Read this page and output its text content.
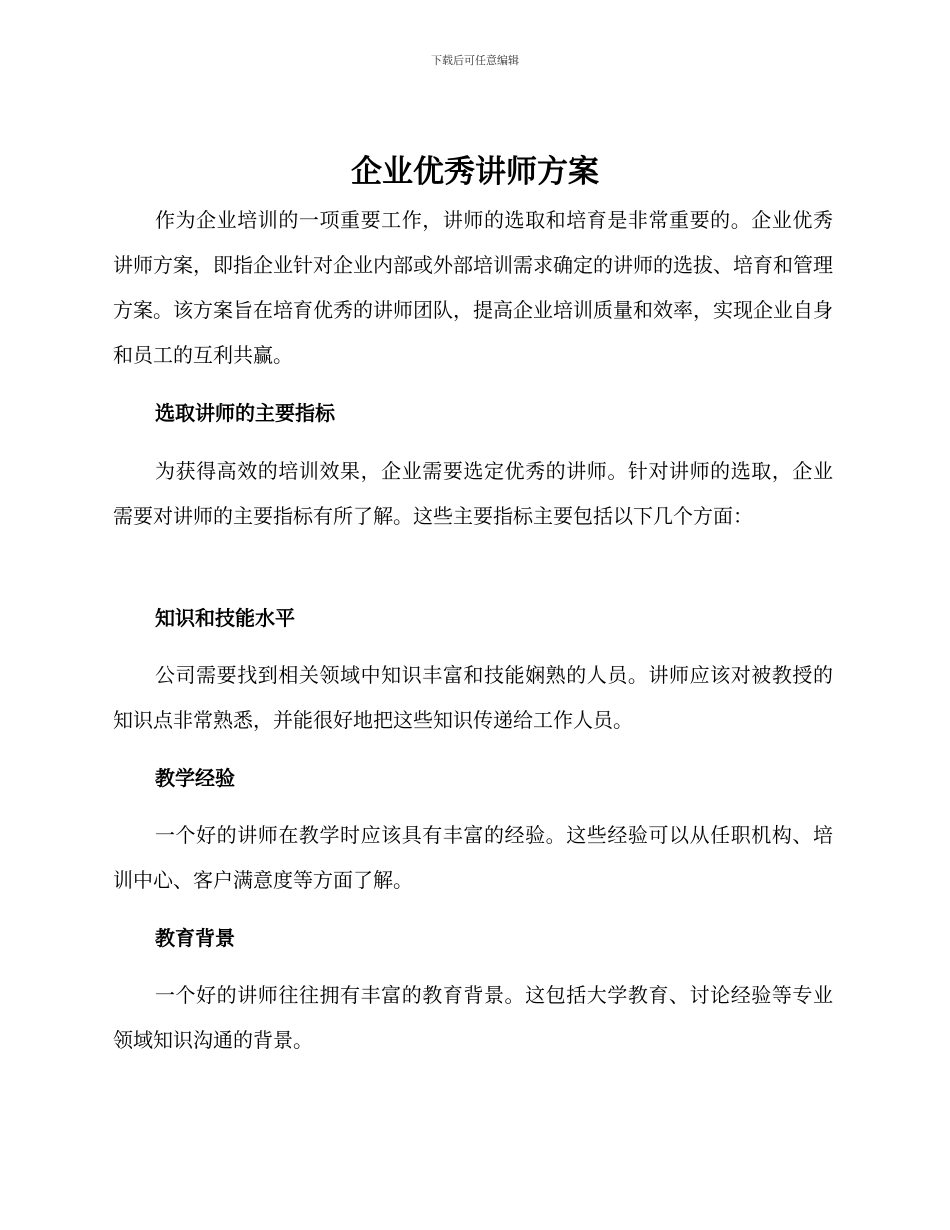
下载后可任意编辑
企业优秀讲师方案

作为企业培训的一项重要工作，讲师的选取和培育是非常重要的。企业优秀讲师方案，即指企业针对企业内部或外部培训需求确定的讲师的选拔、培育和管理方案。该方案旨在培育优秀的讲师团队，提高企业培训质量和效率，实现企业自身和员工的互利共赢。

选取讲师的主要指标

为获得高效的培训效果，企业需要选定优秀的讲师。针对讲师的选取，企业需要对讲师的主要指标有所了解。这些主要指标主要包括以下几个方面：

知识和技能水平

公司需要找到相关领域中知识丰富和技能娴熟的人员。讲师应该对被教授的知识点非常熟悉，并能很好地把这些知识传递给工作人员。

教学经验

一个好的讲师在教学时应该具有丰富的经验。这些经验可以从任职机构、培训中心、客户满意度等方面了解。

教育背景

一个好的讲师往往拥有丰富的教育背景。这包括大学教育、讨论经验等专业领域知识沟通的背景。
